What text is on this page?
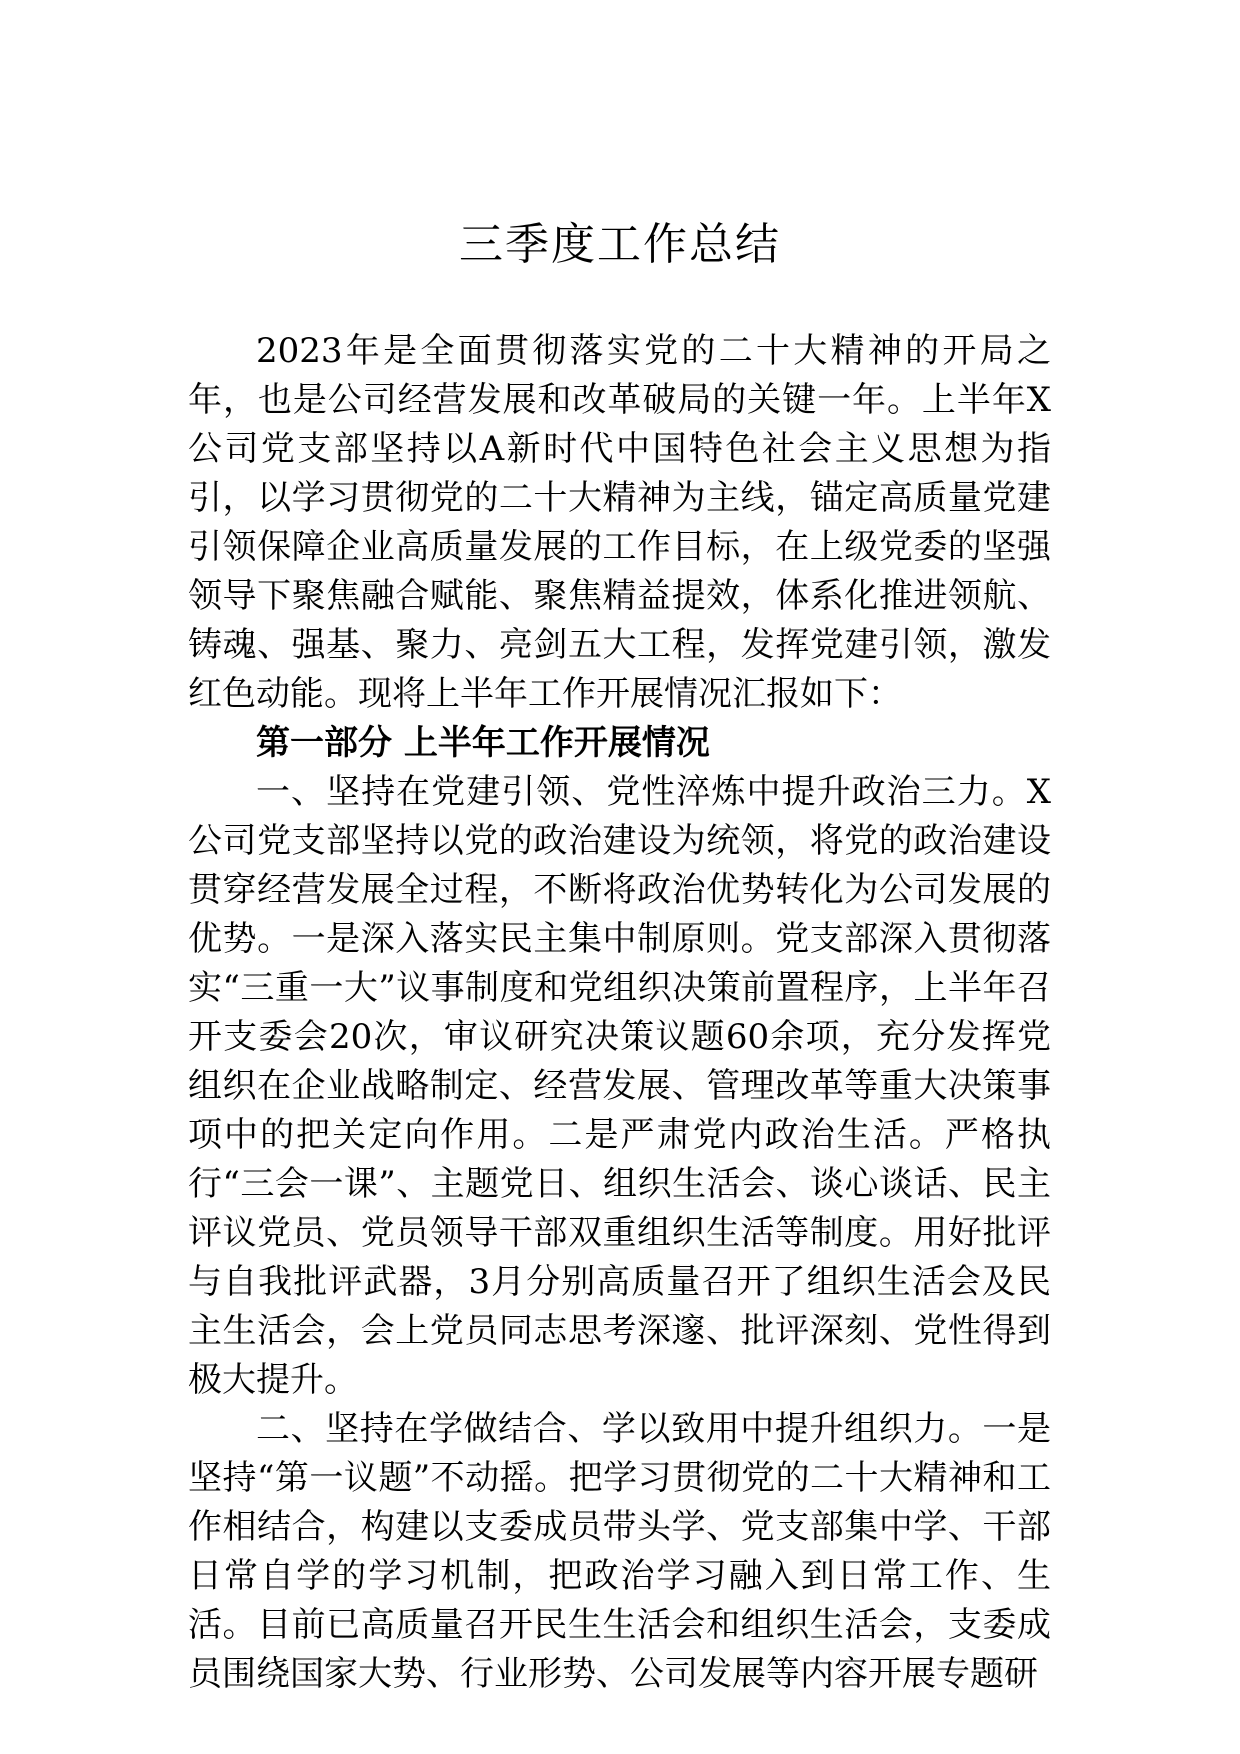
三季度工作总结

2023年是全面贯彻落实党的二十大精神的开局之年，也是公司经营发展和改革破局的关键一年。上半年X公司党支部坚持以A新时代中国特色社会主义思想为指引，以学习贯彻党的二十大精神为主线，锚定高质量党建引领保障企业高质量发展的工作目标，在上级党委的坚强领导下聚焦融合赋能、聚焦精益提效，体系化推进领航、铸魂、强基、聚力、亮剑五大工程，发挥党建引领，激发红色动能。现将上半年工作开展情况汇报如下：

第一部分 上半年工作开展情况

一、坚持在党建引领、党性淬炼中提升政治三力。X公司党支部坚持以党的政治建设为统领，将党的政治建设贯穿经营发展全过程，不断将政治优势转化为公司发展的优势。一是深入落实民主集中制原则。党支部深入贯彻落实“三重一大”议事制度和党组织决策前置程序，上半年召开支委会20次，审议研究决策议题60余项，充分发挥党组织在企业战略制定、经营发展、管理改革等重大决策事项中的把关定向作用。二是严肃党内政治生活。严格执行“三会一课”、主题党日、组织生活会、谈心谈话、民主评议党员、党员领导干部双重组织生活等制度。用好批评与自我批评武器，3月分别高质量召开了组织生活会及民主生活会，会上党员同志思考深邃、批评深刻、党性得到极大提升。

二、坚持在学做结合、学以致用中提升组织力。一是坚持“第一议题”不动摇。把学习贯彻党的二十大精神和工作相结合，构建以支委成员带头学、党支部集中学、干部日常自学的学习机制，把政治学习融入到日常工作、生活。目前已高质量召开民生生活会和组织生活会，支委成员围绕国家大势、行业形势、公司发展等内容开展专题研
